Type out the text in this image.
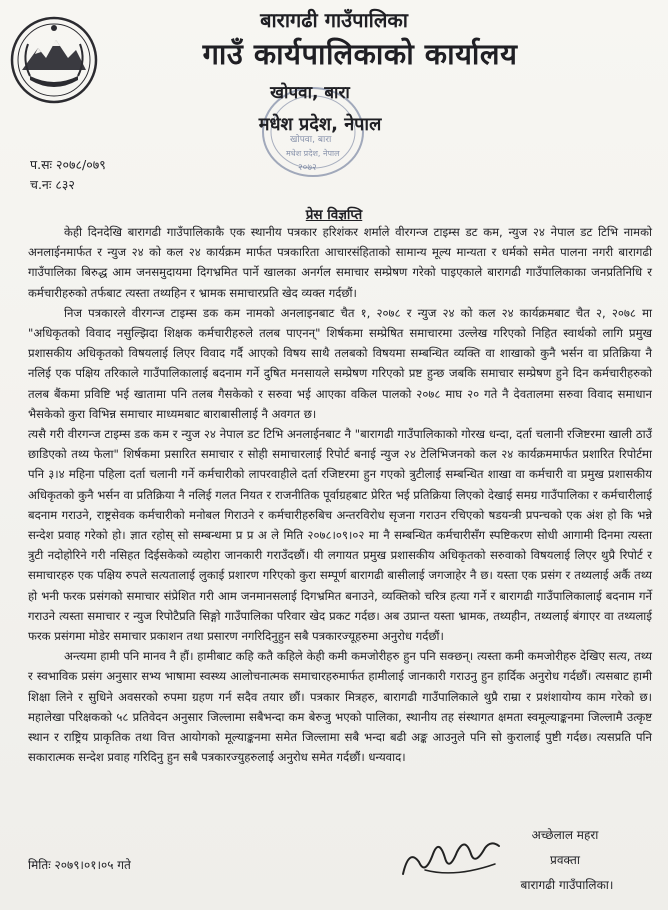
बारागढी गाउँपालिका
गाउँ कार्यपालिकाको कार्यालय
खोपवा, बारा
मधेश प्रदेश, नेपाल
२०७२
खोपवा, बारा
मधेश प्रदेश, नेपाल
प.सः २०७८/०७९
च.नः ८३२
प्रेस विज्ञप्ति

केही दिनदेखि बारागढी गाउँपालिकाकै एक स्थानीय पत्रकार हरिशंकर शर्माले वीरगन्ज टाइम्स डट कम, न्युज २४ नेपाल डट टिभि नामको अनलाईनमार्फत र न्युज २४ को कल २४ कार्यक्रम मार्फत पत्रकारिता आचारसंहिताको सामान्य मूल्य मान्यता र धर्मको समेत पालना नगरी बारागढी गाउँपालिका बिरुद्ध आम जनसमुदायमा दिगभ्रमित पार्ने खालका अनर्गल समाचार सम्प्रेषण गरेको पाइएकाले बारागढी गाउँपालिकाका जनप्रतिनिधि र कर्मचारीहरुको तर्फबाट त्यस्ता तथ्यहिन र भ्रामक समाचारप्रति खेद व्यक्त गर्दछौं।

निज पत्रकारले वीरगन्ज टाइम्स डक कम नामको अनलाइनबाट चैत १, २०७८ र न्युज २४ को कल २४ कार्यक्रमबाट चैत २, २०७८ मा "अधिकृतको विवाद नसुल्झिदा शिक्षक कर्मचारीहरुले तलब पाएनन्" शिर्षकमा सम्प्रेषित समाचारमा उल्लेख गरिएको निहित स्वार्थको लागि प्रमुख प्रशासकीय अधिकृतको विषयलाई लिएर विवाद गर्दै आएको विषय साथै तलबको विषयमा सम्बन्धित व्यक्ति वा शाखाको कुनै भर्सन वा प्रतिक्रिया नै नलिई एक पक्षिय तरिकाले गाउँपालिकालाई बदनाम गर्ने दुषित मनसायले सम्प्रेषण गरिएको प्रष्ट हुन्छ जबकि समाचार सम्प्रेषण हुने दिन कर्मचारीहरुको तलब बैंकमा प्रविष्टि भई खातामा पनि तलब गैसकेको र सरुवा भई आएका वकिल पालको २०७८ माघ २० गते नै देवतालमा सरुवा विवाद समाधान भैसकेको कुरा विभिन्न समाचार माध्यमबाट बाराबासीलाई नै अवगत छ।

त्यसै गरी वीरगन्ज टाइम्स डक कम र न्युज २४ नेपाल डट टिभि अनलाईनबाट नै "बारागढी गाउँपालिकाको गोरख धन्दा, दर्ता चलानी रजिष्टरमा खाली ठाउँ छाडिएको तथ्य फेला" शिर्षकमा प्रसारित समाचार र सोही समाचारलाई रिपोर्ट बनाई न्युज २४ टेलिभिजनको कल २४ कार्यक्रममार्फत प्रशारित रिपोर्टमा पनि ३।४ महिना पहिला दर्ता चलानी गर्ने कर्मचारीको लापरवाहीले दर्ता रजिष्टरमा हुन गएको त्रुटीलाई सम्बन्धित शाखा वा कर्मचारी वा प्रमुख प्रशासकीय अधिकृतको कुनै भर्सन वा प्रतिक्रिया नै नलिई गलत नियत र राजनीतिक पूर्वाग्रहबाट प्रेरित भई प्रतिक्रिया लिएको देखाई समग्र गाउँपालिका र कर्मचारीलाई बदनाम गराउने, राष्ट्रसेवक कर्मचारीको मनोबल गिराउने र कर्मचारीहरुबिच अन्तरविरोध सृजना गराउन रचिएको षडयन्त्री प्रपन्चको एक अंश हो कि भन्ने सन्देश प्रवाह गरेको हो। ज्ञात रहोस् सो सम्बन्धमा प्र प्र अ ले मिति २०७८।०९।०२ मा नै सम्बन्धित कर्मचारीसँग स्पष्टिकरण सोधी आगामी दिनमा त्यस्ता त्रुटी नदोहोरिने गरी नसिहत दिईसकेको व्यहोरा जानकारी गराउँदछौं। यी लगायत प्रमुख प्रशासकीय अधिकृतको सरुवाको विषयलाई लिएर थुप्रै रिपोर्ट र समाचारहरु एक पक्षिय रुपले सत्यतालाई लुकाई प्रशारण गरिएको कुरा सम्पूर्ण बारागढी बासीलाई जगजाहेर नै छ। यस्ता एक प्रसंग र तथ्यलाई अर्कै तथ्य हो भनी फरक प्रसंगको समाचार संप्रेशित गरी आम जनमानसलाई दिगभ्रमित बनाउने, व्यक्तिको चरित्र हत्या गर्ने र बारागढी गाउँपालिकालाई बदनाम गर्ने गराउने त्यस्ता समाचार र न्युज रिपोटैप्रति सिङ्गो गाउँपालिका परिवार खेद प्रकट गर्दछ। अब उप्रान्त यस्ता भ्रामक, तथ्यहीन, तथ्यलाई बंगाएर वा तथ्यलाई फरक प्रसंगमा मोडेर समाचार प्रकाशन तथा प्रसारण नगरिदिनुहुन सबै पत्रकारज्यूहरुमा अनुरोध गर्दछौं।

अन्त्यमा हामी पनि मानव नै हौं। हामीबाट कहि कतै कहिले केही कमी कमजोरीहरु हुन पनि सक्छन्। त्यस्ता कमी कमजोरीहरु देखिए सत्य, तथ्य र स्वभाविक प्रसंग अनुसार सभ्य भाषामा स्वस्थ्य आलोचनात्मक समाचारहरुमार्फत हामीलाई जानकारी गराउनु हुन हार्दिक अनुरोध गर्दछौं। त्यसबाट हामी शिक्षा लिने र सुधिने अवसरको रुपमा ग्रहण गर्न सदैव तयार छौं। पत्रकार मित्रहरु, बारागढी गाउँपालिकाले थुप्रै राम्रा र प्रशंशायोग्य काम गरेको छ। महालेखा परिक्षकको ५८ प्रतिवेदन अनुसार जिल्लामा सबैभन्दा कम बेरुजु भएको पालिका, स्थानीय तह संस्थागत क्षमता स्वमूल्याङ्कनमा जिल्लामै उत्कृष्ट स्थान र राष्ट्रिय प्राकृतिक तथा वित्त आयोगको मूल्याङ्कनमा समेत जिल्लामा सबै भन्दा बढी अङ्क आउनुले पनि सो कुरालाई पुष्टी गर्दछ। त्यसप्रति पनि सकारात्मक सन्देश प्रवाह गरिदिनु हुन सबै पत्रकारज्युहरुलाई अनुरोध समेत गर्दछौं। धन्यवाद।

मितिः २०७९।०१।०५ गते
अच्छेलाल महरा
प्रवक्ता
बारागढी गाउँपालिका।
